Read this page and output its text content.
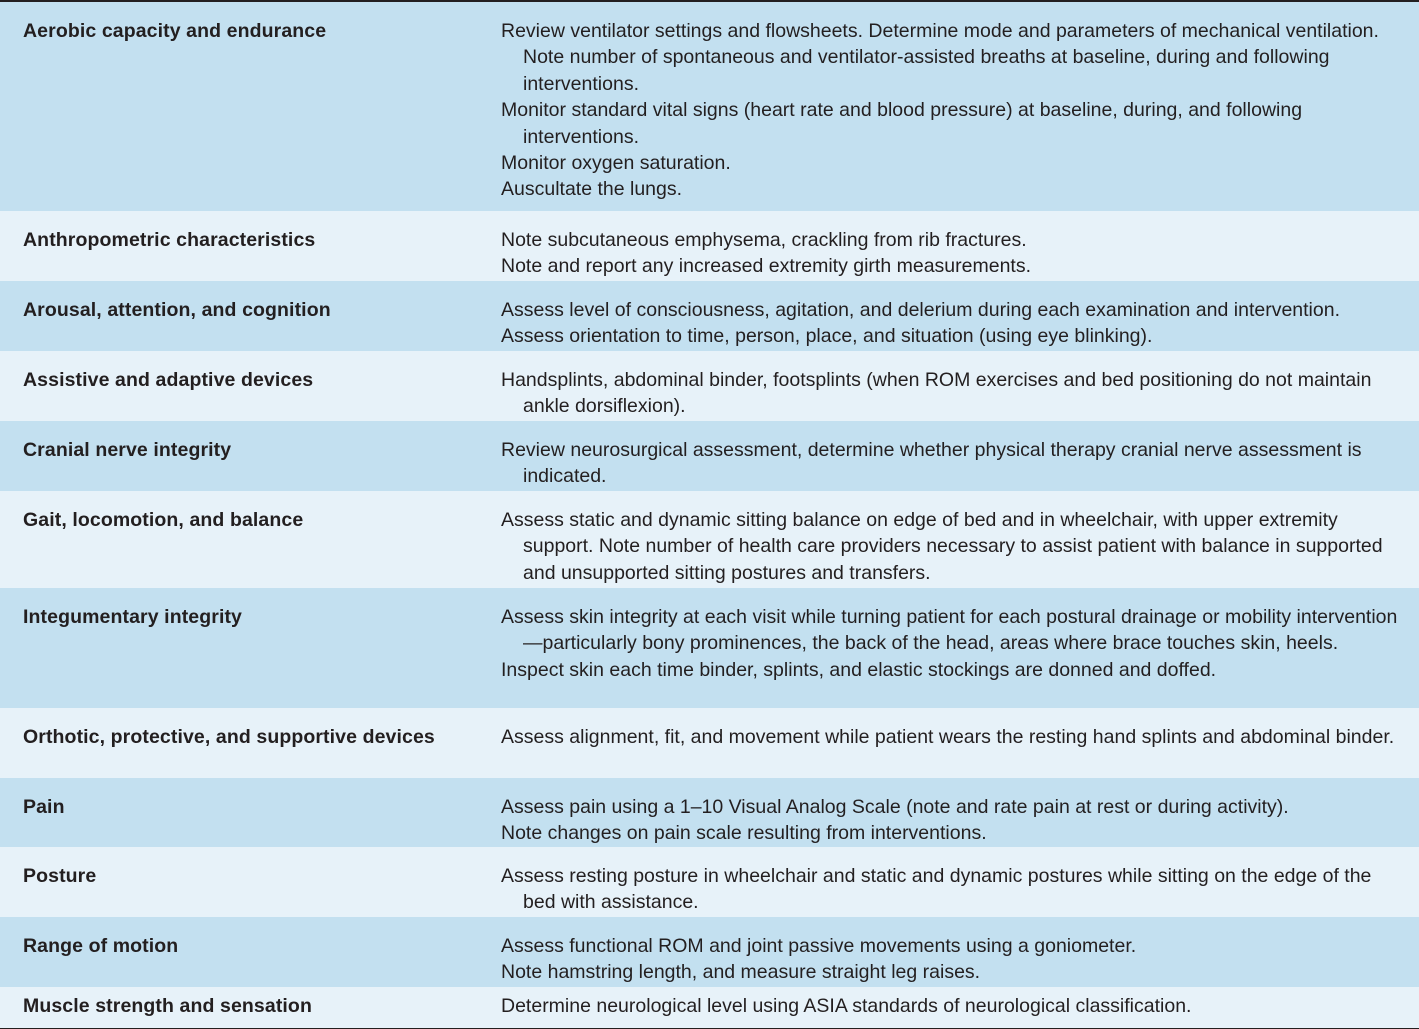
Aerobic capacity and endurance	Review ventilator settings and flowsheets. Determine mode and parameters of mechanical ventilation. Note number of spontaneous and ventilator-assisted breaths at baseline, during and following interventions.
Monitor standard vital signs (heart rate and blood pressure) at baseline, during, and following interventions.
Monitor oxygen saturation.
Auscultate the lungs.
Anthropometric characteristics	Note subcutaneous emphysema, crackling from rib fractures.
Note and report any increased extremity girth measurements.
Arousal, attention, and cognition	Assess level of consciousness, agitation, and delerium during each examination and intervention.
Assess orientation to time, person, place, and situation (using eye blinking).
Assistive and adaptive devices	Handsplints, abdominal binder, footsplints (when ROM exercises and bed positioning do not maintain ankle dorsiflexion).
Cranial nerve integrity	Review neurosurgical assessment, determine whether physical therapy cranial nerve assessment is indicated.
Gait, locomotion, and balance	Assess static and dynamic sitting balance on edge of bed and in wheelchair, with upper extremity support. Note number of health care providers necessary to assist patient with balance in supported and unsupported sitting postures and transfers.
Integumentary integrity	Assess skin integrity at each visit while turning patient for each postural drainage or mobility intervention—particularly bony prominences, the back of the head, areas where brace touches skin, heels.
Inspect skin each time binder, splints, and elastic stockings are donned and doffed.
Orthotic, protective, and supportive devices	Assess alignment, fit, and movement while patient wears the resting hand splints and abdominal binder.
Pain	Assess pain using a 1–10 Visual Analog Scale (note and rate pain at rest or during activity).
Note changes on pain scale resulting from interventions.
Posture	Assess resting posture in wheelchair and static and dynamic postures while sitting on the edge of the bed with assistance.
Range of motion	Assess functional ROM and joint passive movements using a goniometer.
Note hamstring length, and measure straight leg raises.
Muscle strength and sensation	Determine neurological level using ASIA standards of neurological classification.
